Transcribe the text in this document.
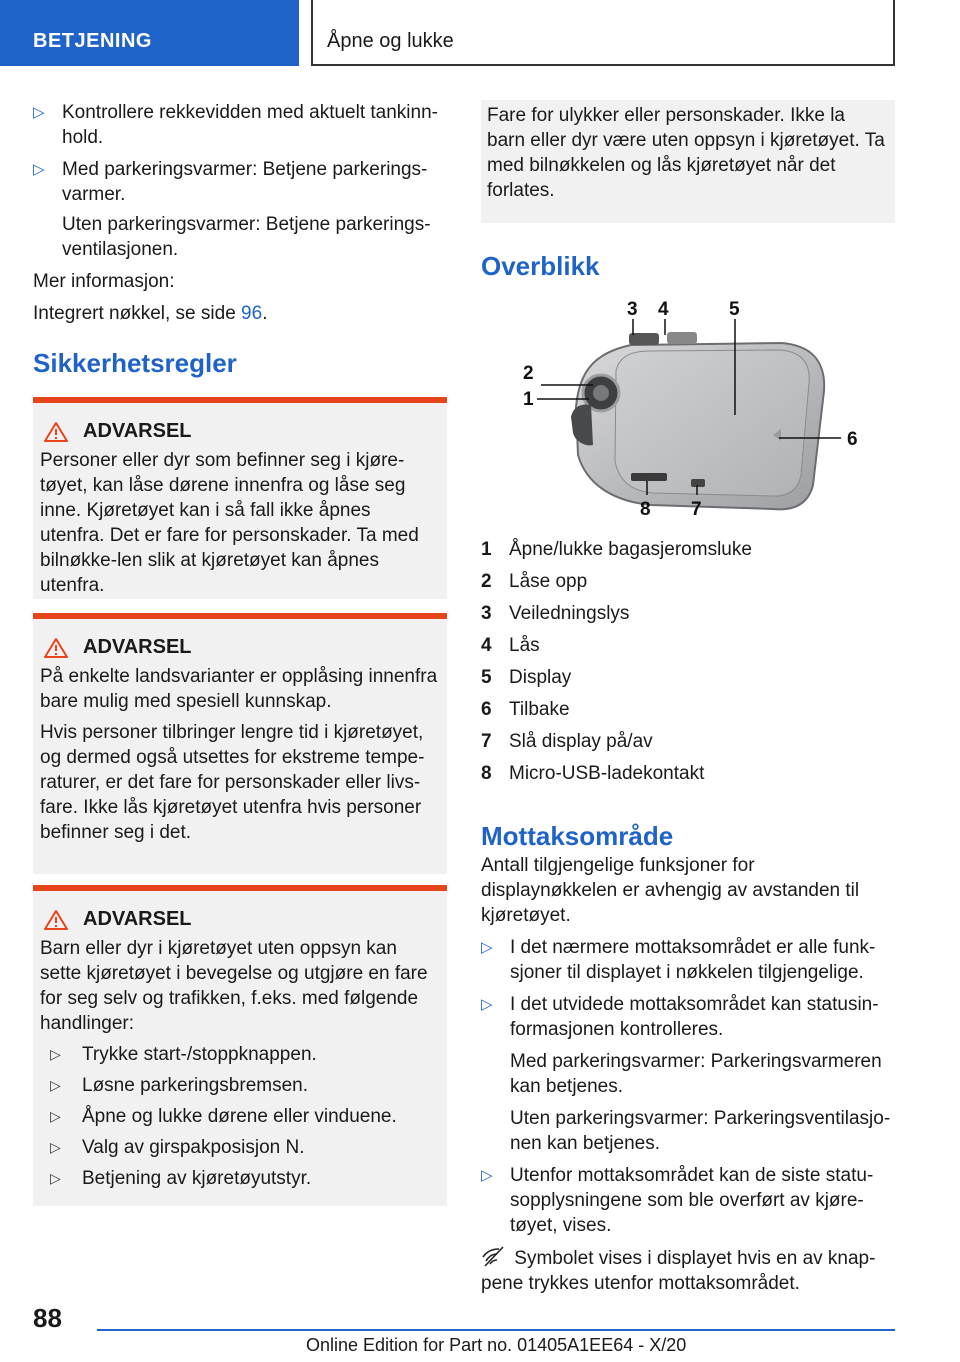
BETJENING	Åpne og lukke
▷ Kontrollere rekkevidden med aktuelt tankinn-hold.
▷ Med parkeringsvarmer: Betjene parkerings-varmer.
Uten parkeringsvarmer: Betjene parkerings-ventilasjonen.
Mer informasjon:
Integrert nøkkel, se side 96.
Sikkerhetsregler
ADVARSEL

Personer eller dyr som befinner seg i kjøre-tøyet, kan låse dørene innenfra og låse seg inne. Kjøretøyet kan i så fall ikke åpnes utenfra. Det er fare for personskader. Ta med bilnøkke-len slik at kjøretøyet kan åpnes utenfra.

ADVARSEL

På enkelte landsvarianter er opplåsing innenfra bare mulig med spesiell kunnskap.

Hvis personer tilbringer lengre tid i kjøretøyet, og dermed også utsettes for ekstreme tempe-raturer, er det fare for personskader eller livs-fare. Ikke lås kjøretøyet utenfra hvis personer befinner seg i det.

ADVARSEL

Barn eller dyr i kjøretøyet uten oppsyn kan sette kjøretøyet i bevegelse og utgjøre en fare for seg selv og trafikken, f.eks. med følgende handlinger:

▷	Trykke start-/stoppknappen.
▷	Løsne parkeringsbremsen.
▷	Åpne og lukke dørene eller vinduene.
▷	Valg av girspakposisjon N.
▷	Betjening av kjøretøyutstyr.
Fare for ulykker eller personskader. Ikke la barn eller dyr være uten oppsyn i kjøretøyet. Ta med bilnøkkelen og lås kjøretøyet når det forlates.
Overblikk
1
2
3 4	5
6
7
8
1 Åpne/lukke bagasjeromsluke
2 Låse opp
3 Veiledningslys
4 Lås
5 Display
6 Tilbake
7 Slå display på/av
8 Micro-USB-ladekontakt
Mottaksområde
Antall tilgjengelige funksjoner for displaynøkkelen er avhengig av avstanden til kjøretøyet.
▷ I det nærmere mottaksområdet er alle funk-sjoner til displayet i nøkkelen tilgjengelige.
▷ I det utvidede mottaksområdet kan statusin-formasjonen kontrolleres.
Med parkeringsvarmer: Parkeringsvarmeren kan betjenes.
Uten parkeringsvarmer: Parkeringsventilasjo-nen kan betjenes.
▷ Utenfor mottaksområdet kan de siste statu-sopplysningene som ble overført av kjøre-tøyet, vises.
Symbolet vises i displayet hvis en av knap-pene trykkes utenfor mottaksområdet.
88
Online Edition for Part no. 01405A1EE64 - X/20
